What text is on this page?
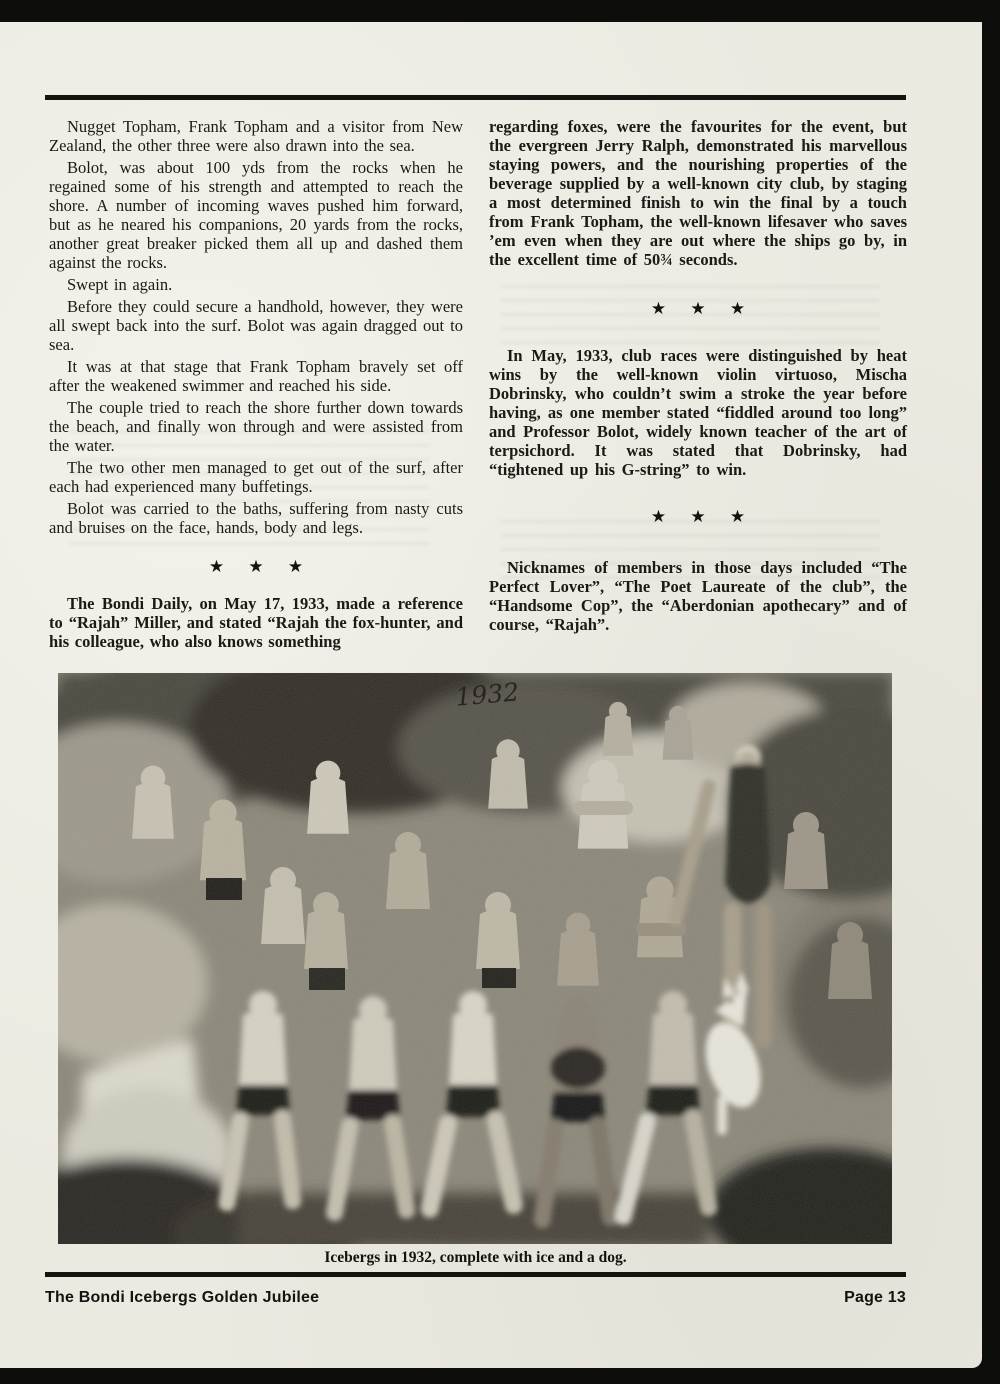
Nugget Topham, Frank Topham and a visitor from New Zealand, the other three were also drawn into the sea.

Bolot, was about 100 yds from the rocks when he regained some of his strength and attempted to reach the shore. A number of incoming waves pushed him forward, but as he neared his companions, 20 yards from the rocks, another great breaker picked them all up and dashed them against the rocks.

Swept in again.

Before they could secure a handhold, however, they were all swept back into the surf. Bolot was again dragged out to sea.

It was at that stage that Frank Topham bravely set off after the weakened swimmer and reached his side.

The couple tried to reach the shore further down towards the beach, and finally won through and were assisted from the water.

The two other men managed to get out of the surf, after each had experienced many buffetings.

Bolot was carried to the baths, suffering from nasty cuts and bruises on the face, hands, body and legs.

★ ★ ★

The Bondi Daily, on May 17, 1933, made a reference to “Rajah” Miller, and stated “Rajah the fox-hunter, and his colleague, who also knows something

regarding foxes, were the favourites for the event, but the evergreen Jerry Ralph, demonstrated his marvellous staying powers, and the nourishing properties of the beverage supplied by a well-known city club, by staging a most determined finish to win the final by a touch from Frank Topham, the well-known lifesaver who saves ’em even when they are out where the ships go by, in the excellent time of 50¾ seconds.

★ ★ ★

In May, 1933, club races were distinguished by heat wins by the well-known violin virtuoso, Mischa Dobrinsky, who couldn’t swim a stroke the year before having, as one member stated “fiddled around too long” and Professor Bolot, widely known teacher of the art of terpsichord. It was stated that Dobrinsky, had “tightened up his G-string” to win.

★ ★ ★

Nicknames of members in those days included “The Perfect Lover”, “The Poet Laureate of the club”, the “Handsome Cop”, the “Aberdonian apothecary” and of course, “Rajah”.

1932
Icebergs in 1932, complete with ice and a dog.
The Bondi Icebergs Golden Jubilee	Page 13
